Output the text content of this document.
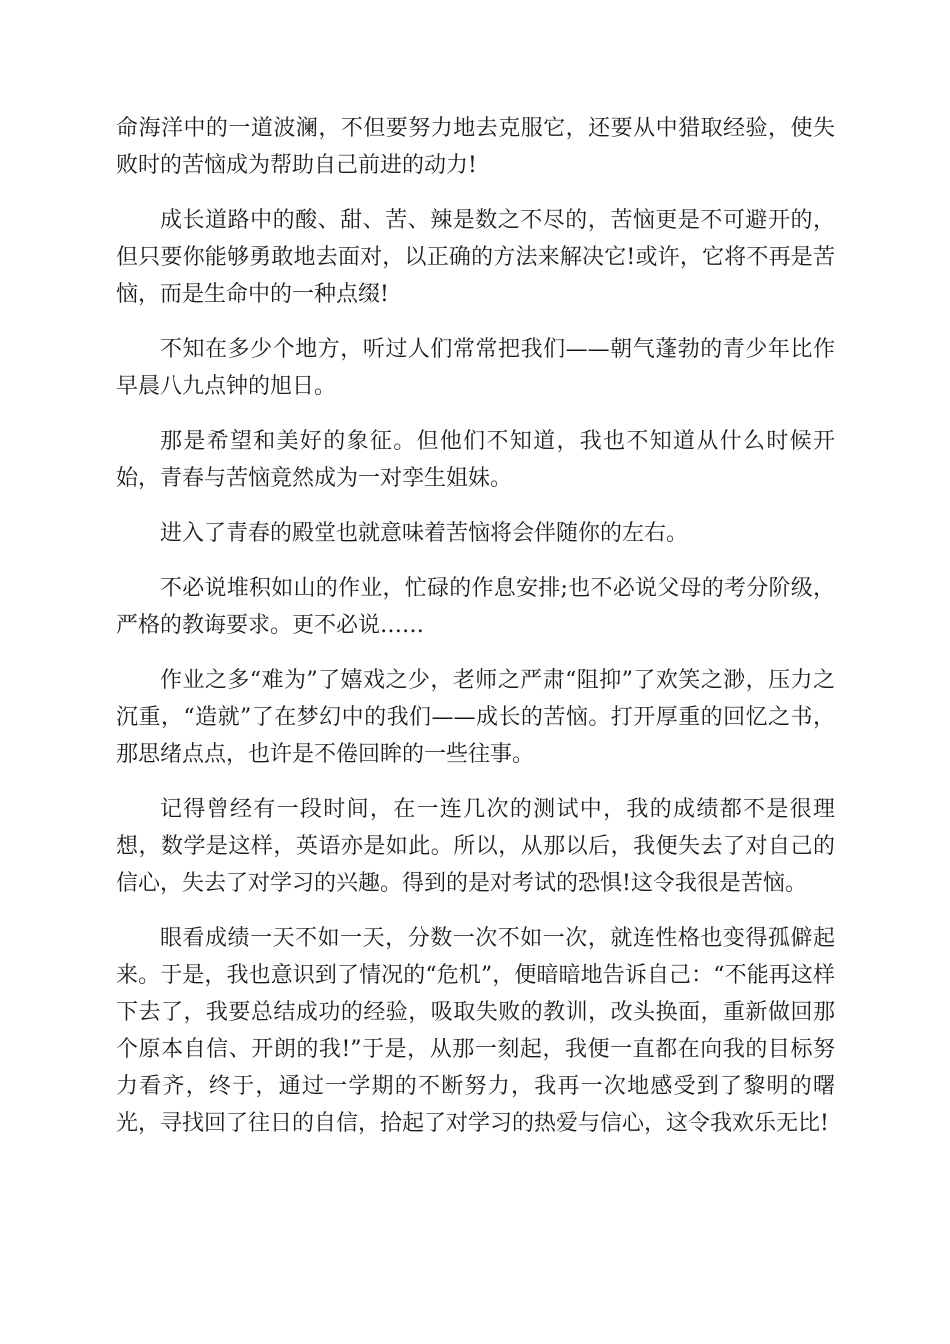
命海洋中的一道波澜，不但要努力地去克服它，还要从中猎取经验，使失败时的苦恼成为帮助自己前进的动力!

成长道路中的酸、甜、苦、辣是数之不尽的，苦恼更是不可避开的，但只要你能够勇敢地去面对，以正确的方法来解决它!或许，它将不再是苦恼，而是生命中的一种点缀!

不知在多少个地方，听过人们常常把我们——朝气蓬勃的青少年比作早晨八九点钟的旭日。

那是希望和美好的象征。但他们不知道，我也不知道从什么时候开始，青春与苦恼竟然成为一对孪生姐妹。

进入了青春的殿堂也就意味着苦恼将会伴随你的左右。

不必说堆积如山的作业，忙碌的作息安排;也不必说父母的考分阶级，严格的教诲要求。更不必说……

作业之多“难为”了嬉戏之少，老师之严肃“阻抑”了欢笑之渺，压力之沉重，“造就”了在梦幻中的我们——成长的苦恼。打开厚重的回忆之书，那思绪点点，也许是不倦回眸的一些往事。

记得曾经有一段时间，在一连几次的测试中，我的成绩都不是很理想，数学是这样，英语亦是如此。所以，从那以后，我便失去了对自己的信心，失去了对学习的兴趣。得到的是对考试的恐惧!这令我很是苦恼。

眼看成绩一天不如一天，分数一次不如一次，就连性格也变得孤僻起来。于是，我也意识到了情况的“危机”，便暗暗地告诉自己：“不能再这样下去了，我要总结成功的经验，吸取失败的教训，改头换面，重新做回那个原本自信、开朗的我!”于是，从那一刻起，我便一直都在向我的目标努力看齐，终于，通过一学期的不断努力，我再一次地感受到了黎明的曙光，寻找回了往日的自信，拾起了对学习的热爱与信心，这令我欢乐无比!
